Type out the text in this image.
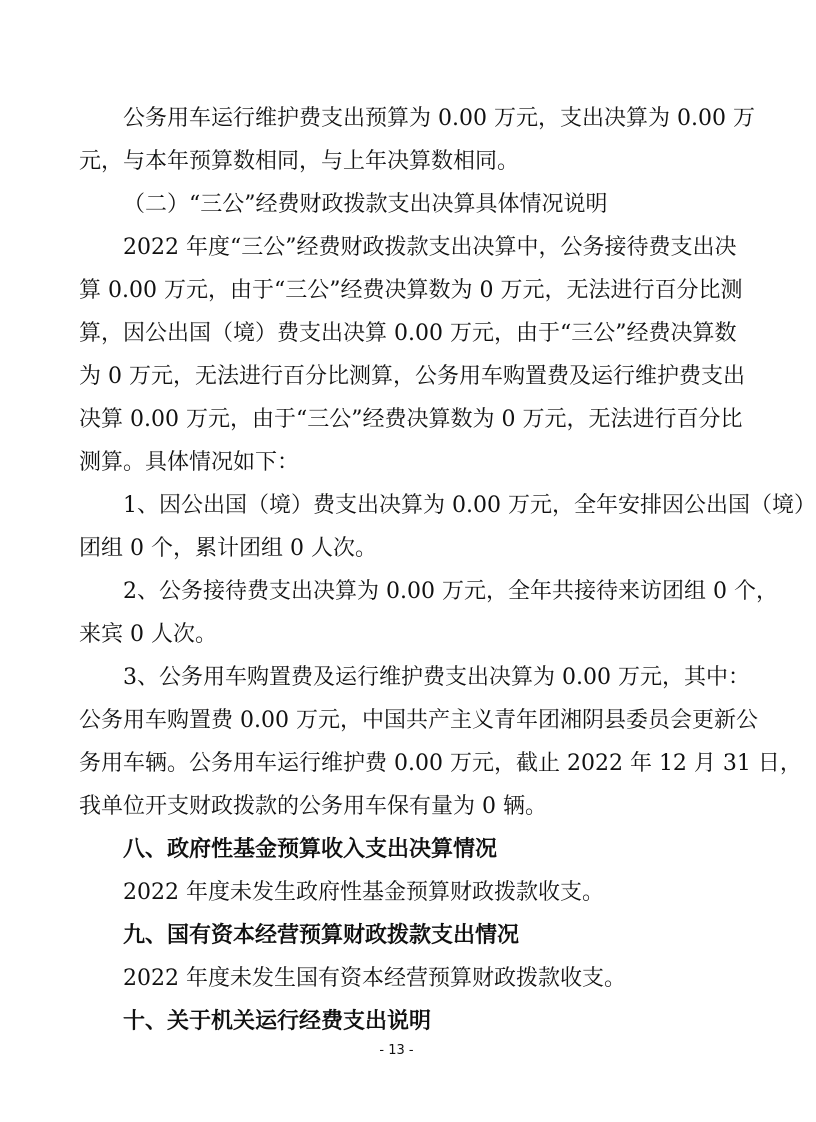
公务用车运行维护费支出预算为 0.00 万元，支出决算为 0.00 万
元，与本年预算数相同，与上年决算数相同。
（二）“三公”经费财政拨款支出决算具体情况说明
2022 年度“三公”经费财政拨款支出决算中，公务接待费支出决
算 0.00 万元，由于“三公”经费决算数为 0 万元，无法进行百分比测
算，因公出国（境）费支出决算 0.00 万元，由于“三公”经费决算数
为 0 万元，无法进行百分比测算，公务用车购置费及运行维护费支出
决算 0.00 万元，由于“三公”经费决算数为 0 万元，无法进行百分比
测算。具体情况如下：
1、因公出国（境）费支出决算为 0.00 万元，全年安排因公出国（境）
团组 0 个，累计团组 0 人次。
2、公务接待费支出决算为 0.00 万元，全年共接待来访团组 0 个，
来宾 0 人次。
3、公务用车购置费及运行维护费支出决算为 0.00 万元，其中：
公务用车购置费 0.00 万元，中国共产主义青年团湘阴县委员会更新公
务用车辆。公务用车运行维护费 0.00 万元，截止 2022 年 12 月 31 日，
我单位开支财政拨款的公务用车保有量为 0 辆。
八、政府性基金预算收入支出决算情况
2022 年度未发生政府性基金预算财政拨款收支。
九、国有资本经营预算财政拨款支出情况
2022 年度未发生国有资本经营预算财政拨款收支。
十、关于机关运行经费支出说明
- 13 -
